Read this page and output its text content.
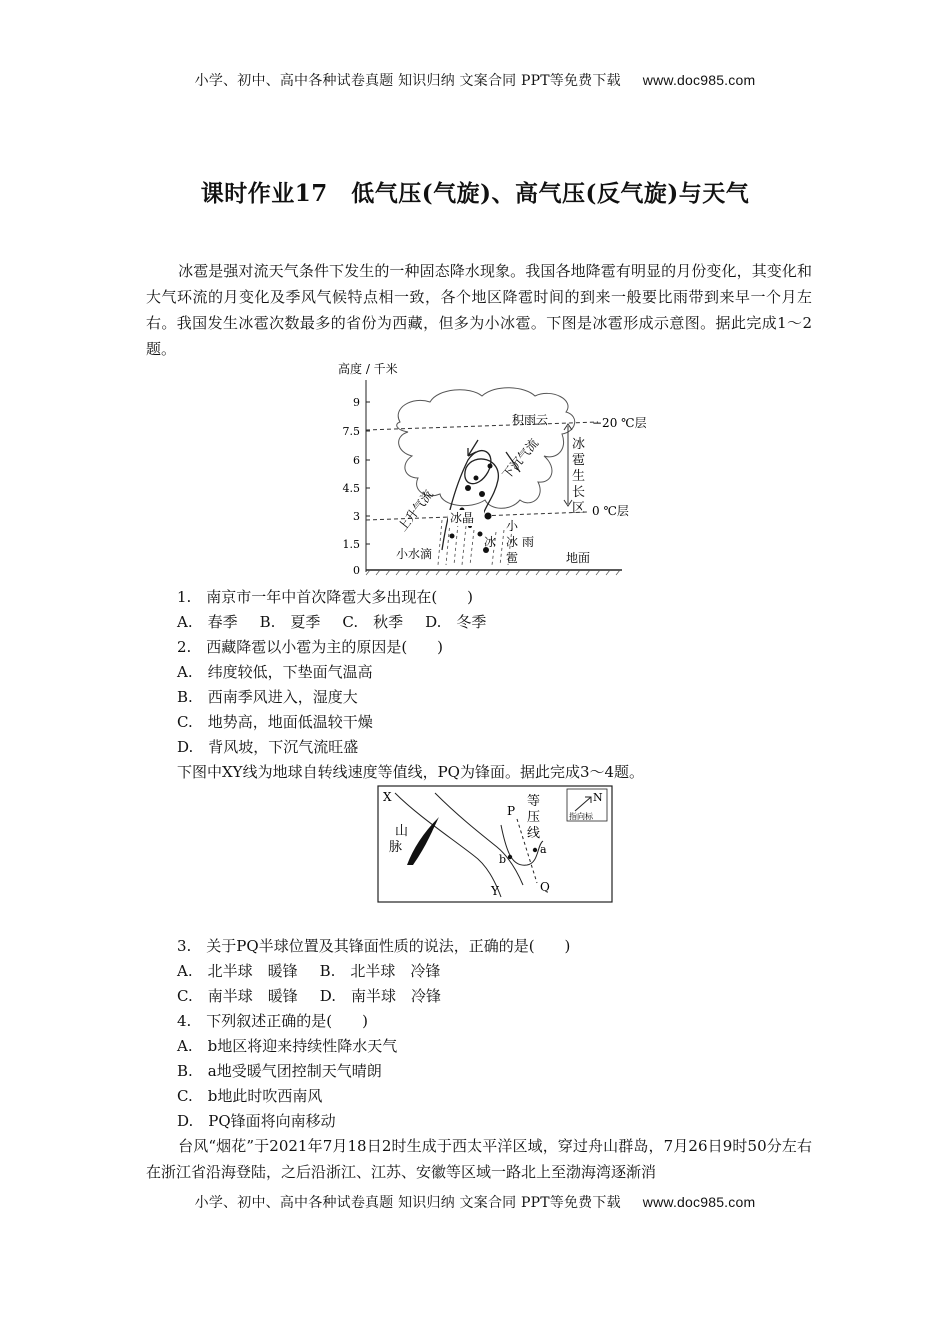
小学、初中、高中各种试卷真题 知识归纳 文案合同 PPT等免费下载 www.doc985.com
课时作业17　低气压(气旋)、高气压(反气旋)与天气
冰雹是强对流天气条件下发生的一种固态降水现象。我国各地降雹有明显的月份变化，其变化和大气环流的月变化及季风气候特点相一致，各个地区降雹时间的到来一般要比雨带到来早一个月左右。我国发生冰雹次数最多的省份为西藏，但多为小冰雹。下图是冰雹形成示意图。据此完成1～2题。
高度 / 千米
9
7.5
6
4.5
3
1.5
0
积雨云	−20 ℃层
0 ℃层
冰
雹
生
长
区
上升气流
下沉气流
冰晶
小水滴
小
冰
雹
冰 雨
地面
1.　南京市一年中首次降雹大多出现在(　　)
A.　春季 B.　夏季 C.　秋季 D.　冬季
2.　西藏降雹以小雹为主的原因是(　　)
A.　纬度较低，下垫面气温高
B.　西南季风进入，湿度大
C.　地势高，地面低温较干燥
D.　背风坡，下沉气流旺盛
下图中XY线为地球自转线速度等值线，PQ为锋面。据此完成3～4题。
X
Y
山
脉
等
压
线
P
Q
b
a
N
指向标
3.　关于PQ半球位置及其锋面性质的说法，正确的是(　　)
A.　北半球　暖锋 B.　北半球　冷锋
C.　南半球　暖锋 D.　南半球　冷锋
4.　下列叙述正确的是(　　)
A.　b地区将迎来持续性降水天气
B.　a地受暖气团控制天气晴朗
C.　b地此时吹西南风
D.　PQ锋面将向南移动
台风“烟花”于2021年7月18日2时生成于西太平洋区域，穿过舟山群岛，7月26日9时50分左右在浙江省沿海登陆，之后沿浙江、江苏、安徽等区域一路北上至渤海湾逐渐消
小学、初中、高中各种试卷真题 知识归纳 文案合同 PPT等免费下载 www.doc985.com
